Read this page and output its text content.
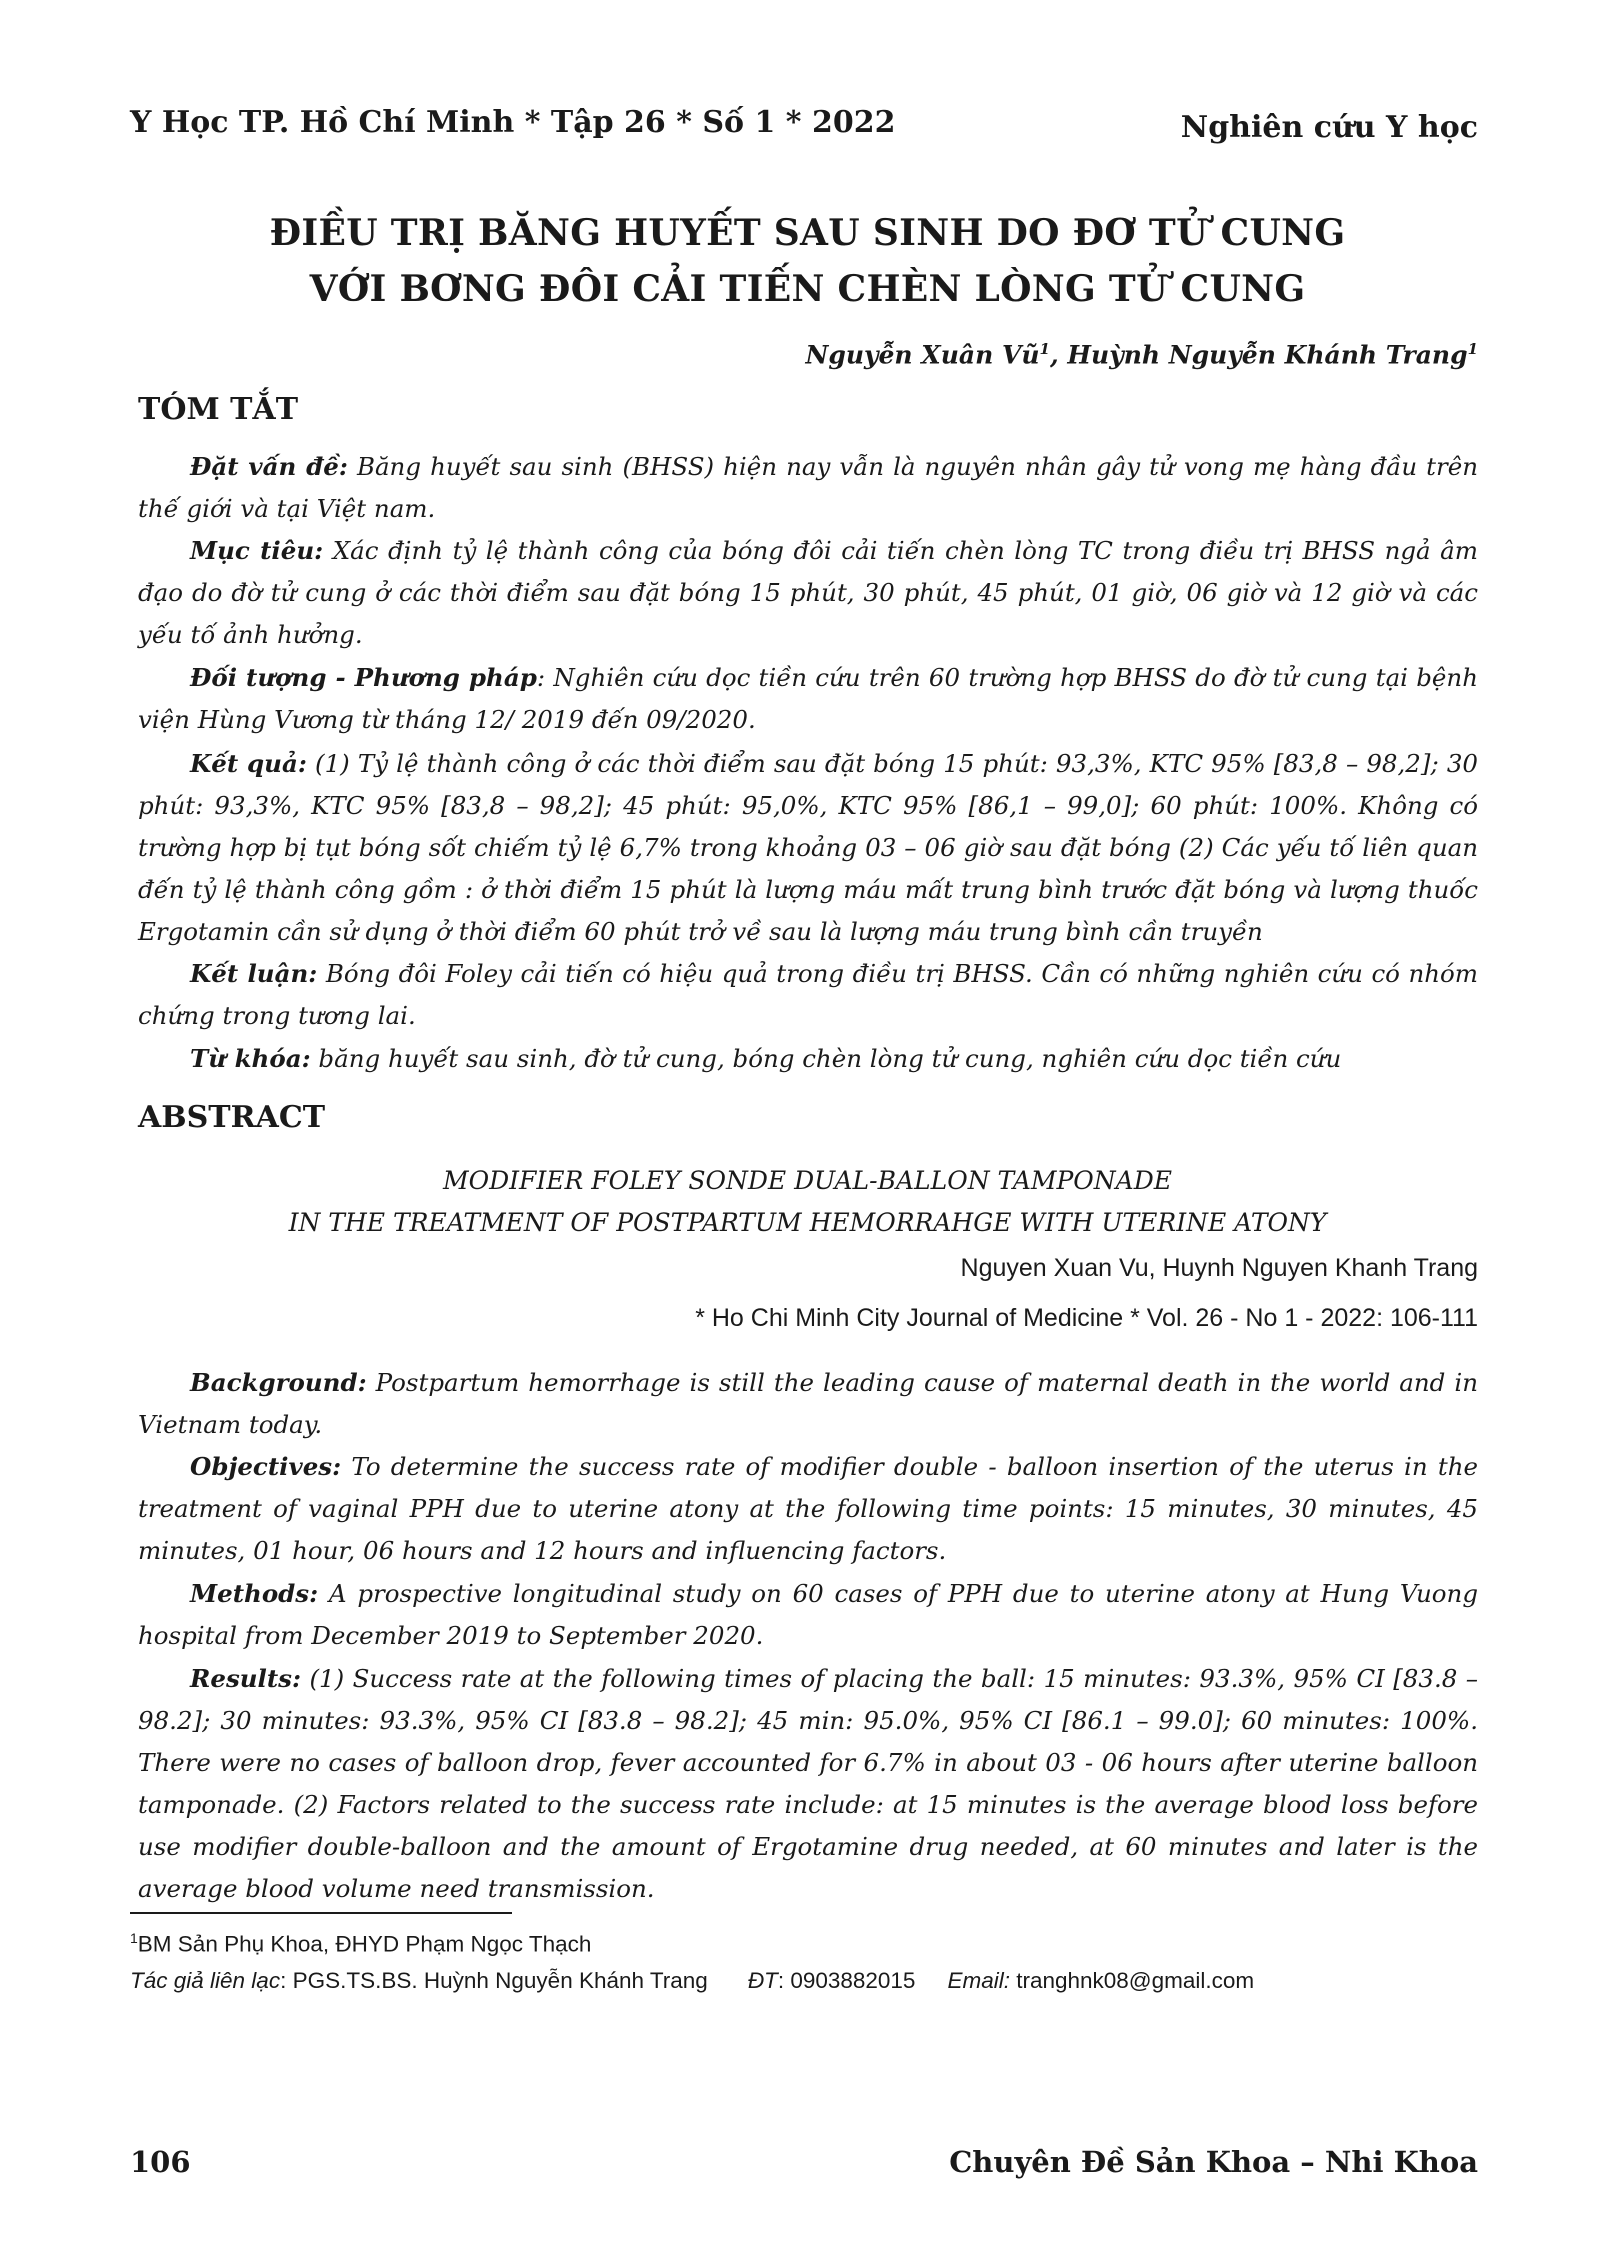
Y Học TP. Hồ Chí Minh * Tập 26 * Số 1 * 2022	Nghiên cứu Y học
ĐIỀU TRỊ BĂNG HUYẾT SAU SINH DO ĐƠ TỬ CUNG
VỚI BƠNG ĐÔI CẢI TIẾN CHÈN LÒNG TỬ CUNG
Nguyễn Xuân $Vũ^1$, Huỳnh Nguyễn Khánh Trang$^1$
TÓM TẮT
Đặt vấn đề: Băng huyết sau sinh (BHSS) hiện nay vẫn là nguyên nhân gây tử vong mẹ hàng đầu trên thế giới và tại Việt nam.
Mục tiêu: Xác định tỷ lệ thành công của bóng đôi cải tiến chèn lòng TC trong điều trị BHSS ngả âm đạo do đờ tử cung ở các thời điểm sau đặt bóng 15 phút, 30 phút, 45 phút, 01 giờ, 06 giờ và 12 giờ và các yếu tố ảnh hưởng.
Đối tượng - Phương pháp: Nghiên cứu dọc tiền cứu trên 60 trường hợp BHSS do đờ tử cung tại bệnh viện Hùng Vương từ tháng 12/ 2019 đến 09/2020.
Kết quả: (1) Tỷ lệ thành công ở các thời điểm sau đặt bóng 15 phút: 93,3%, KTC 95% [83,8 – 98,2]; 30 phút: 93,3%, KTC 95% [83,8 – 98,2]; 45 phút: 95,0%, KTC 95% [86,1 – 99,0]; 60 phút: 100%. Không có trường hợp bị tụt bóng sốt chiếm tỷ lệ 6,7% trong khoảng 03 – 06 giờ sau đặt bóng (2) Các yếu tố liên quan đến tỷ lệ thành công gồm : ở thời điểm 15 phút là lượng máu mất trung bình trước đặt bóng và lượng thuốc Ergotamin cần sử dụng ở thời điểm 60 phút trở về sau là lượng máu trung bình cần truyền
Kết luận: Bóng đôi Foley cải tiến có hiệu quả trong điều trị BHSS. Cần có những nghiên cứu có nhóm chứng trong tương lai.
Từ khóa: băng huyết sau sinh, đờ tử cung, bóng chèn lòng tử cung, nghiên cứu dọc tiền cứu
ABSTRACT
MODIFIER FOLEY SONDE DUAL-BALLON TAMPONADE
IN THE TREATMENT OF POSTPARTUM HEMORRAHGE WITH UTERINE ATONY
Nguyen Xuan Vu, Huynh Nguyen Khanh Trang
* Ho Chi Minh City Journal of Medicine * Vol. 26 - No 1 - 2022: 106-111
Background: Postpartum hemorrhage is still the leading cause of maternal death in the world and in Vietnam today.
Objectives: To determine the success rate of modifier double - balloon insertion of the uterus in the treatment of vaginal PPH due to uterine atony at the following time points: 15 minutes, 30 minutes, 45 minutes, 01 hour, 06 hours and 12 hours and influencing factors.
Methods: A prospective longitudinal study on 60 cases of PPH due to uterine atony at Hung Vuong hospital from December 2019 to September 2020.
Results: (1) Success rate at the following times of placing the ball: 15 minutes: 93.3%, 95% CI [83.8 – 98.2]; 30 minutes: 93.3%, 95% CI [83.8 – 98.2]; 45 min: 95.0%, 95% CI [86.1 – 99.0]; 60 minutes: 100%. There were no cases of balloon drop, fever accounted for 6.7% in about 03 - 06 hours after uterine balloon tamponade. (2) Factors related to the success rate include: at 15 minutes is the average blood loss before use modifier double-balloon and the amount of Ergotamine drug needed, at 60 minutes and later is the average blood volume need transmission.
$^1$BM Sản Phụ Khoa, ĐHYD Phạm Ngọc Thạch
Tác giả liên lạc: PGS.TS.BS. Huỳnh Nguyễn Khánh Trang ĐT: 0903882015 Email: tranghnk08@gmail.com
106	Chuyên Đề Sản Khoa – Nhi Khoa
